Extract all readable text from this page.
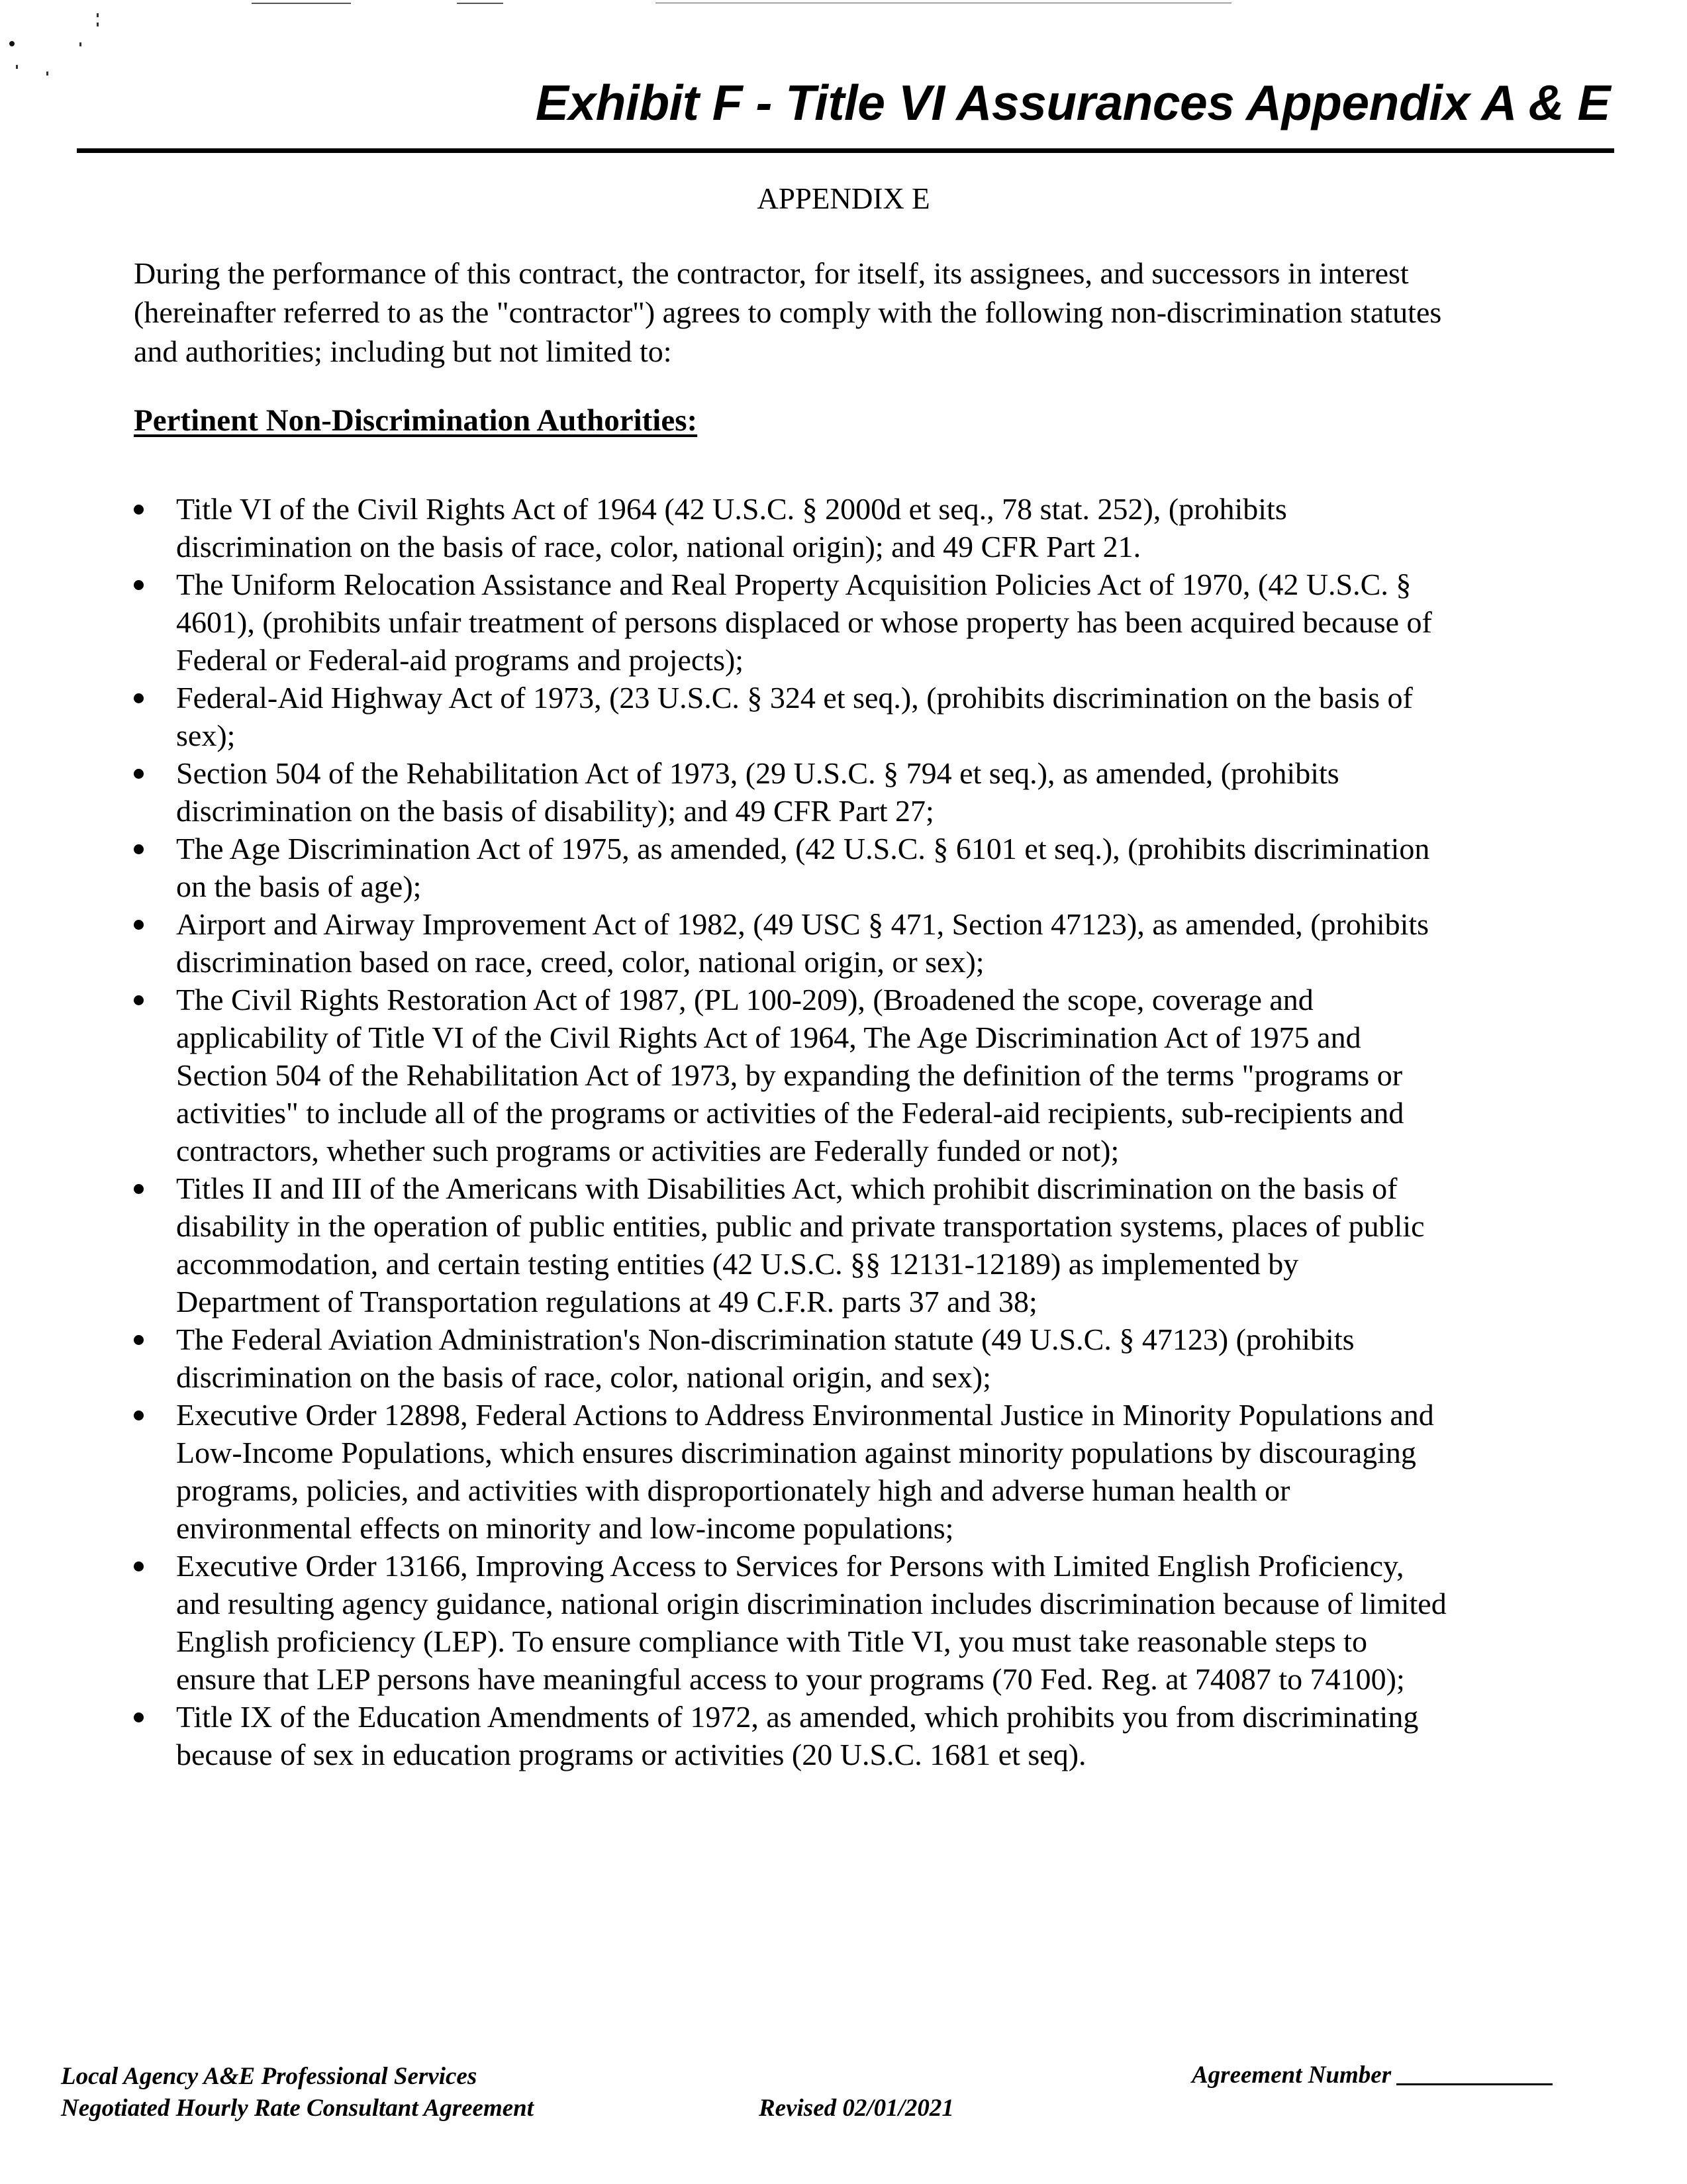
Exhibit F - Title VI Assurances Appendix A & E
APPENDIX E
During the performance of this contract, the contractor, for itself, its assignees, and successors in interest
(hereinafter referred to as the "contractor") agrees to comply with the following non-discrimination statutes
and authorities; including but not limited to:
Pertinent Non-Discrimination Authorities:
Title VI of the Civil Rights Act of 1964 (42 U.S.C. § 2000d et seq., 78 stat. 252), (prohibits
discrimination on the basis of race, color, national origin); and 49 CFR Part 21.
The Uniform Relocation Assistance and Real Property Acquisition Policies Act of 1970, (42 U.S.C. §
4601), (prohibits unfair treatment of persons displaced or whose property has been acquired because of
Federal or Federal-aid programs and projects);
Federal-Aid Highway Act of 1973, (23 U.S.C. § 324 et seq.), (prohibits discrimination on the basis of
sex);
Section 504 of the Rehabilitation Act of 1973, (29 U.S.C. § 794 et seq.), as amended, (prohibits
discrimination on the basis of disability); and 49 CFR Part 27;
The Age Discrimination Act of 1975, as amended, (42 U.S.C. § 6101 et seq.), (prohibits discrimination
on the basis of age);
Airport and Airway Improvement Act of 1982, (49 USC § 471, Section 47123), as amended, (prohibits
discrimination based on race, creed, color, national origin, or sex);
The Civil Rights Restoration Act of 1987, (PL 100-209), (Broadened the scope, coverage and
applicability of Title VI of the Civil Rights Act of 1964, The Age Discrimination Act of 1975 and
Section 504 of the Rehabilitation Act of 1973, by expanding the definition of the terms "programs or
activities" to include all of the programs or activities of the Federal-aid recipients, sub-recipients and
contractors, whether such programs or activities are Federally funded or not);
Titles II and III of the Americans with Disabilities Act, which prohibit discrimination on the basis of
disability in the operation of public entities, public and private transportation systems, places of public
accommodation, and certain testing entities (42 U.S.C. §§ 12131-12189) as implemented by
Department of Transportation regulations at 49 C.F.R. parts 37 and 38;
The Federal Aviation Administration's Non-discrimination statute (49 U.S.C. § 47123) (prohibits
discrimination on the basis of race, color, national origin, and sex);
Executive Order 12898, Federal Actions to Address Environmental Justice in Minority Populations and
Low-Income Populations, which ensures discrimination against minority populations by discouraging
programs, policies, and activities with disproportionately high and adverse human health or
environmental effects on minority and low-income populations;
Executive Order 13166, Improving Access to Services for Persons with Limited English Proficiency,
and resulting agency guidance, national origin discrimination includes discrimination because of limited
English proficiency (LEP). To ensure compliance with Title VI, you must take reasonable steps to
ensure that LEP persons have meaningful access to your programs (70 Fed. Reg. at 74087 to 74100);
Title IX of the Education Amendments of 1972, as amended, which prohibits you from discriminating
because of sex in education programs or activities (20 U.S.C. 1681 et seq).
Local Agency A&E Professional Services
Negotiated Hourly Rate Consultant Agreement	Revised 02/01/2021
Agreement Number
